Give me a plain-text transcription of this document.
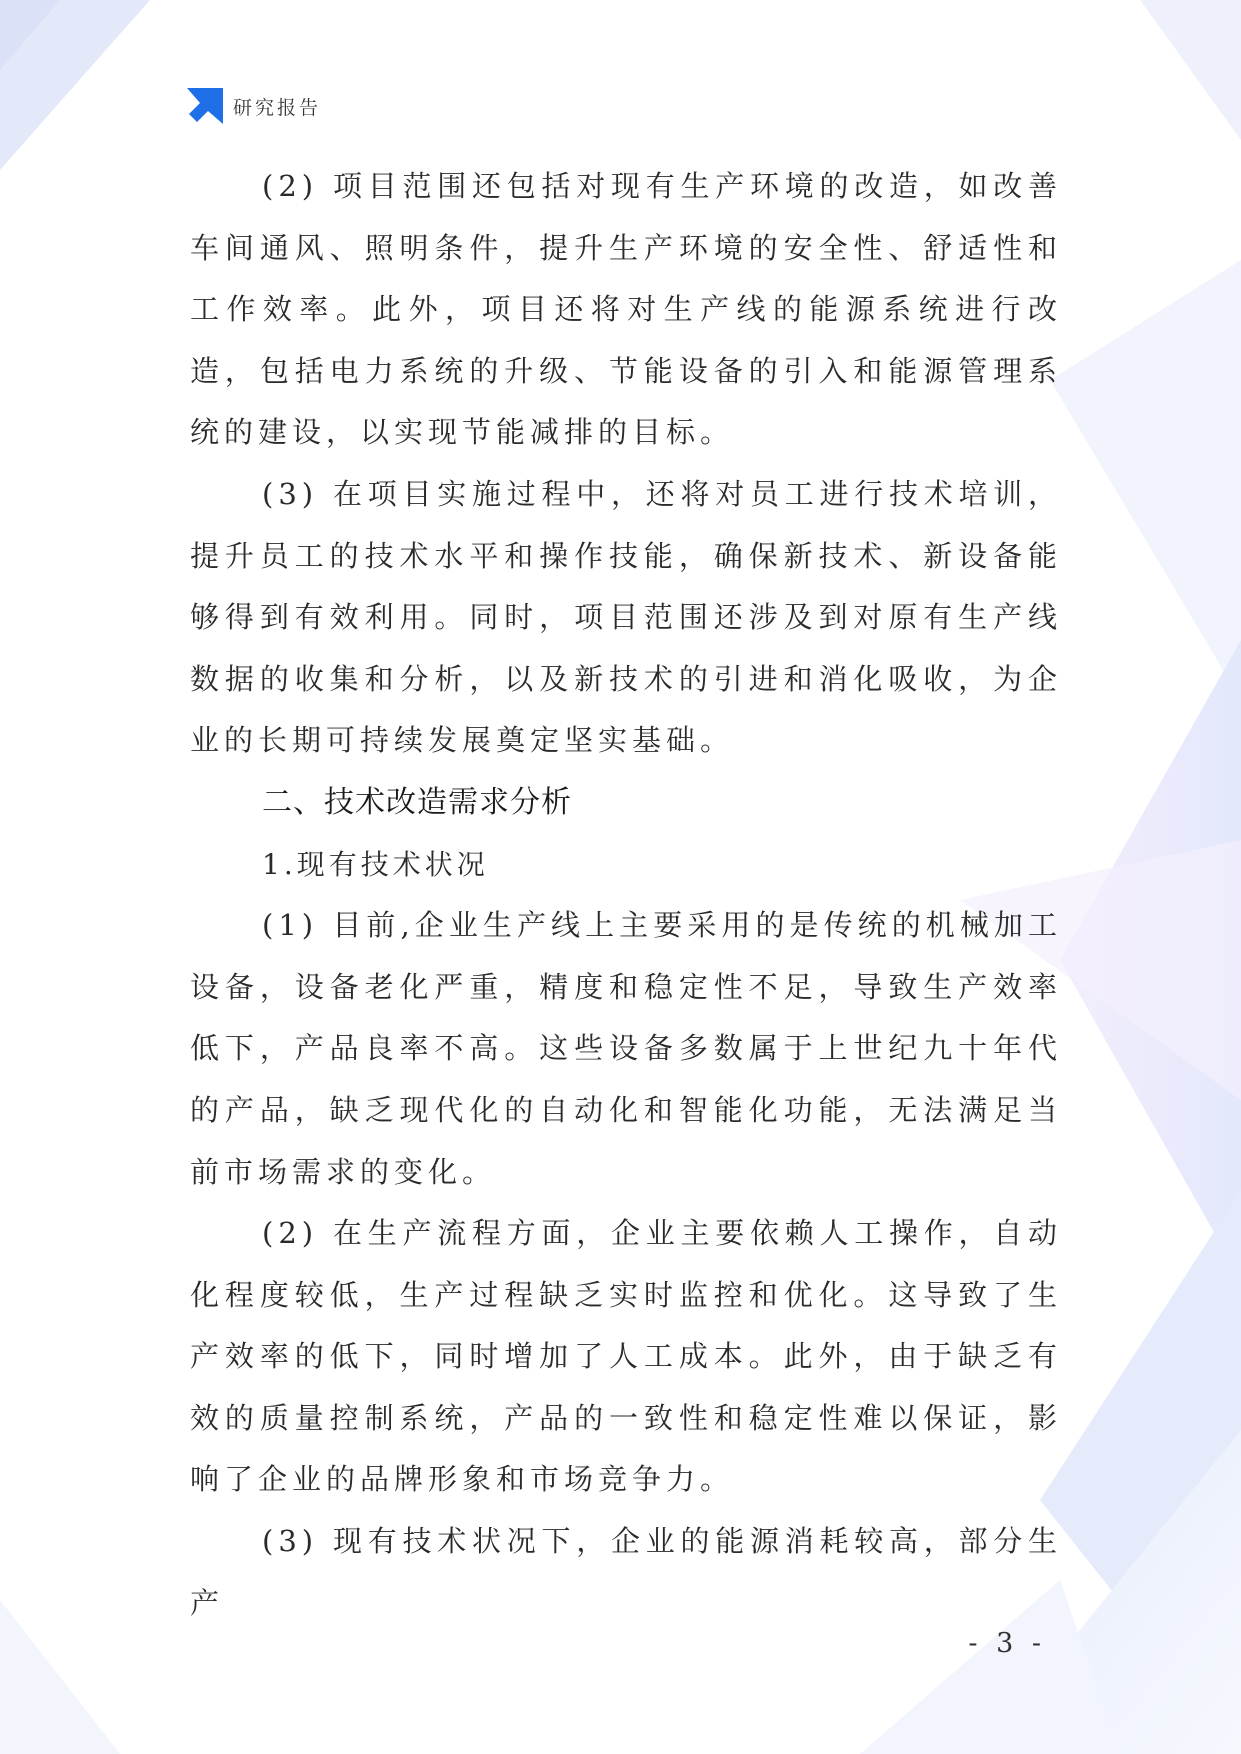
研究报告

(2) 项目范围还包括对现有生产环境的改造，如改善车间通风、照明条件，提升生产环境的安全性、舒适性和工作效率。此外，项目还将对生产线的能源系统进行改造，包括电力系统的升级、节能设备的引入和能源管理系统的建设，以实现节能减排的目标。

(3) 在项目实施过程中，还将对员工进行技术培训，提升员工的技术水平和操作技能，确保新技术、新设备能够得到有效利用。同时，项目范围还涉及到对原有生产线数据的收集和分析，以及新技术的引进和消化吸收，为企业的长期可持续发展奠定坚实基础。

二、技术改造需求分析
1.现有技术状况

(1) 目前,企业生产线上主要采用的是传统的机械加工设备，设备老化严重，精度和稳定性不足，导致生产效率低下，产品良率不高。这些设备多数属于上世纪九十年代的产品，缺乏现代化的自动化和智能化功能，无法满足当前市场需求的变化。

(2) 在生产流程方面，企业主要依赖人工操作，自动化程度较低，生产过程缺乏实时监控和优化。这导致了生产效率的低下，同时增加了人工成本。此外，由于缺乏有效的质量控制系统，产品的一致性和稳定性难以保证，影响了企业的品牌形象和市场竞争力。

(3) 现有技术状况下，企业的能源消耗较高，部分生产

- 3 -
